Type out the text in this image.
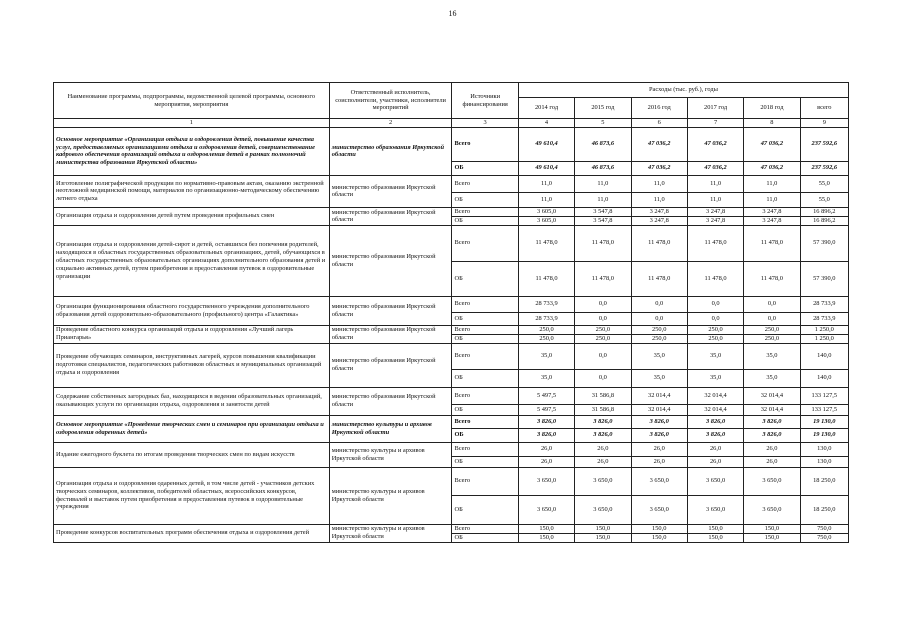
16
Наименование программы, подпрограммы, ведомственной целевой программы, основного мероприятия, мероприятия	Ответственный исполнитель, соисполнители, участники, исполнители мероприятий	Источники финансирования	Расходы (тыс. руб.), годы					
			2014 год	2015 год	2016 год	2017 год	2018 год	всего
1	2	3	4	5	6	7	8	9
Основное мероприятие «Организация отдыха и оздоровления детей, повышение качества услуг, предоставляемых организациями отдыха и оздоровления детей, совершенствование кадрового обеспечения организаций отдыха и оздоровления детей в рамках полномочий министерства образования Иркутской области»	министерство образования Иркутской области	Всего	49 610,4	46 873,6	47 036,2	47 036,2	47 036,2	237 592,6
		ОБ	49 610,4	46 873,6	47 036,2	47 036,2	47 036,2	237 592,6
Изготовление полиграфической продукции по нормативно-правовым актам, оказанию экстренной неотложной медицинской помощи, материалов по организационно-методическому обеспечению летнего отдыха	министерство образования Иркутской области	Всего	11,0	11,0	11,0	11,0	11,0	55,0
		ОБ	11,0	11,0	11,0	11,0	11,0	55,0
Организация отдыха и оздоровления детей путем проведения профильных смен	министерство образования Иркутской области	Всего	3 605,0	3 547,8	3 247,8	3 247,8	3 247,8	16 896,2
		ОБ	3 605,0	3 547,8	3 247,8	3 247,8	3 247,8	16 896,2
Организация отдыха и оздоровления детей-сирот и детей, оставшихся без попечения родителей, находящихся в областных государственных образовательных организациях, детей, обучающихся в областных государственных образовательных организациях дополнительного образования детей и социально активных детей, путем приобретения и предоставления путевок в оздоровительные организации	министерство образования Иркутской области	Всего	11 478,0	11 478,0	11 478,0	11 478,0	11 478,0	57 390,0
		ОБ	11 478,0	11 478,0	11 478,0	11 478,0	11 478,0	57 390,0
Организация функционирования областного государственного учреждения дополнительного образования детей оздоровительно-образовательного (профильного) центра «Галактика»	министерство образования Иркутской области	Всего	28 733,9	0,0	0,0	0,0	0,0	28 733,9
		ОБ	28 733,9	0,0	0,0	0,0	0,0	28 733,9
Проведение областного конкурса организаций отдыха и оздоровления «Лучший лагерь Приангарья»	министерство образования Иркутской области	Всего	250,0	250,0	250,0	250,0	250,0	1 250,0
		ОБ	250,0	250,0	250,0	250,0	250,0	1 250,0
Проведение обучающих семинаров, инструктивных лагерей, курсов повышения квалификации подготовки специалистов, педагогических работников областных и муниципальных организаций отдыха и оздоровления	министерство образования Иркутской области	Всего	35,0	0,0	35,0	35,0	35,0	140,0
		ОБ	35,0	0,0	35,0	35,0	35,0	140,0
Содержание собственных загородных баз, находящихся в ведении образовательных организаций, оказывающих услуги по организации отдыха, оздоровления и занятости детей	министерство образования Иркутской области	Всего	5 497,5	31 586,8	32 014,4	32 014,4	32 014,4	133 127,5
		ОБ	5 497,5	31 586,8	32 014,4	32 014,4	32 014,4	133 127,5
Основное мероприятие «Проведение творческих смен и семинаров при организации отдыха и оздоровления одаренных детей»	министерство культуры и архивов Иркутской области	Всего	3 826,0	3 826,0	3 826,0	3 826,0	3 826,0	19 130,0
		ОБ	3 826,0	3 826,0	3 826,0	3 826,0	3 826,0	19 130,0
Издание ежегодного буклета по итогам проведения творческих смен по видам искусств	министерство культуры и архивов Иркутской области	Всего	26,0	26,0	26,0	26,0	26,0	130,0
		ОБ	26,0	26,0	26,0	26,0	26,0	130,0
Организация отдыха и оздоровления одаренных детей, в том числе детей - участников детских творческих семинаров, коллективов, победителей областных, всероссийских конкурсов, фестивалей и выставок путем приобретения и предоставления путевок в оздоровительные учреждения	министерство культуры и архивов Иркутской области	Всего	3 650,0	3 650,0	3 650,0	3 650,0	3 650,0	18 250,0
		ОБ	3 650,0	3 650,0	3 650,0	3 650,0	3 650,0	18 250,0
Проведение конкурсов воспитательных программ обеспечения отдыха и оздоровления детей	министерство культуры и архивов Иркутской области	Всего	150,0	150,0	150,0	150,0	150,0	750,0
		ОБ	150,0	150,0	150,0	150,0	150,0	750,0
